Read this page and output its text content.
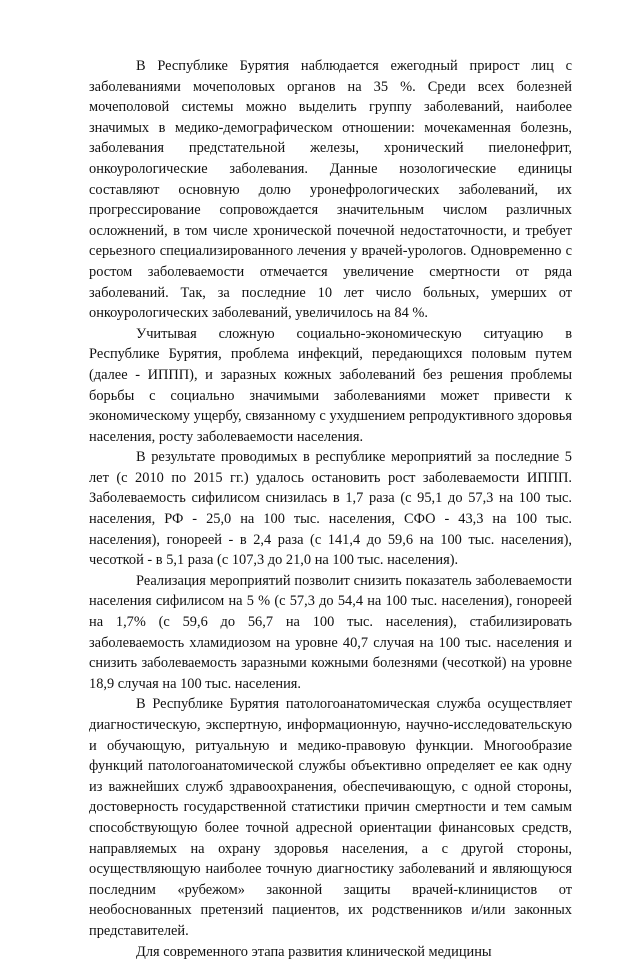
В Республике Бурятия наблюдается ежегодный прирост лиц с заболеваниями мочеполовых органов на 35 %. Среди всех болезней мочеполовой системы можно выделить группу заболеваний, наиболее значимых в медико-демографическом отношении: мочекаменная болезнь, заболевания предстательной железы, хронический пиелонефрит, онкоурологические заболевания. Данные нозологические единицы составляют основную долю уронефрологических заболеваний, их прогрессирование сопровождается значительным числом различных осложнений, в том числе хронической почечной недостаточности, и требует серьезного специализированного лечения у врачей-урологов. Одновременно с ростом заболеваемости отмечается увеличение смертности от ряда заболеваний. Так, за последние 10 лет число больных, умерших от онкоурологических заболеваний, увеличилось на 84 %.

Учитывая сложную социально-экономическую ситуацию в Республике Бурятия, проблема инфекций, передающихся половым путем (далее - ИППП), и заразных кожных заболеваний без решения проблемы борьбы с социально значимыми заболеваниями может привести к экономическому ущербу, связанному с ухудшением репродуктивного здоровья населения, росту заболеваемости населения.

В результате проводимых в республике мероприятий за последние 5 лет (с 2010 по 2015 гг.) удалось остановить рост заболеваемости ИППП. Заболеваемость сифилисом снизилась в 1,7 раза (с 95,1 до 57,3 на 100 тыс. населения, РФ - 25,0 на 100 тыс. населения, СФО - 43,3 на 100 тыс. населения), гонореей - в 2,4 раза (с 141,4 до 59,6 на 100 тыс. населения), чесоткой - в 5,1 раза (с 107,3 до 21,0 на 100 тыс. населения).

Реализация мероприятий позволит снизить показатель заболеваемости населения сифилисом на 5 % (с 57,3 до 54,4 на 100 тыс. населения), гонореей на 1,7% (с 59,6 до 56,7 на 100 тыс. населения), стабилизировать заболеваемость хламидиозом на уровне 40,7 случая на 100 тыс. населения и снизить заболеваемость заразными кожными болезнями (чесоткой) на уровне 18,9 случая на 100 тыс. населения.

В Республике Бурятия патологоанатомическая служба осуществляет диагностическую, экспертную, информационную, научно-исследовательскую и обучающую, ритуальную и медико-правовую функции. Многообразие функций патологоанатомической службы объективно определяет ее как одну из важнейших служб здравоохранения, обеспечивающую, с одной стороны, достоверность государственной статистики причин смертности и тем самым способствующую более точной адресной ориентации финансовых средств, направляемых на охрану здоровья населения, а с другой стороны, осуществляющую наиболее точную диагностику заболеваний и являющуюся последним «рубежом» законной защиты врачей-клиницистов от необоснованных претензий пациентов, их родственников и/или законных представителей.

Для современного этапа развития клинической медицины
